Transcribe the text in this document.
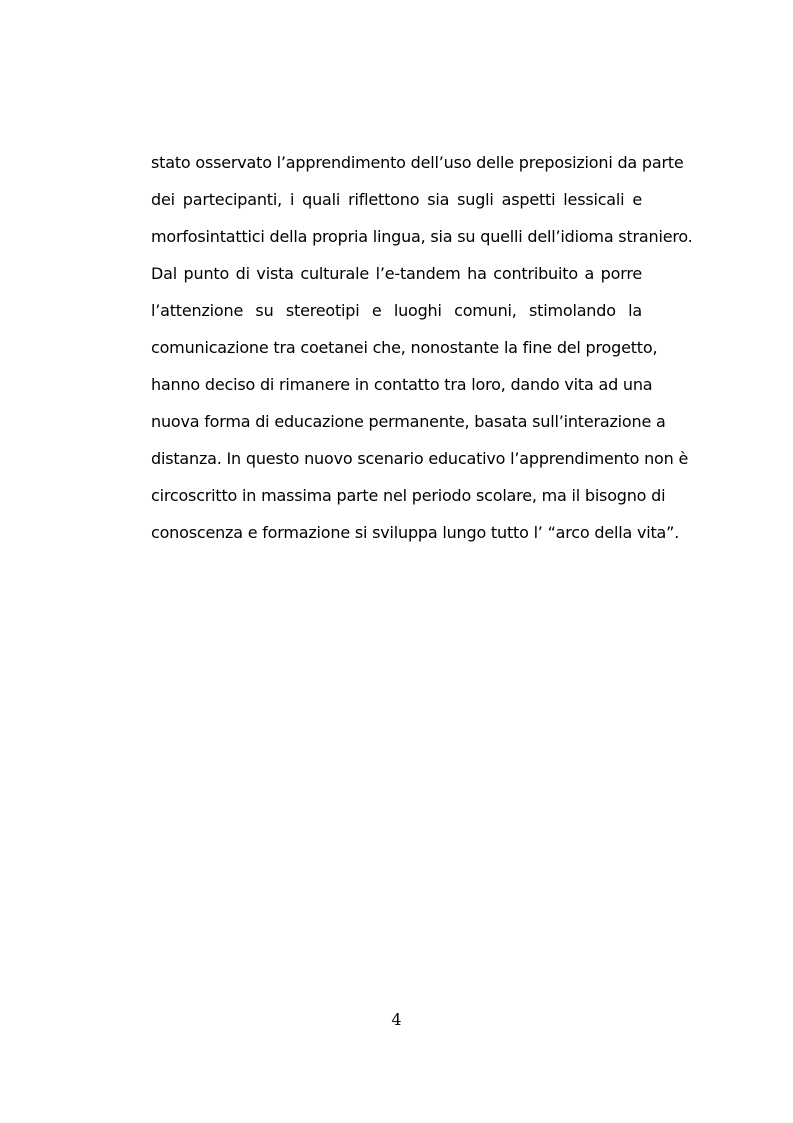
stato osservato l’apprendimento dell’uso delle preposizioni da parte
dei partecipanti, i quali riflettono sia sugli aspetti lessicali e
morfosintattici della propria lingua, sia su quelli dell’idioma straniero.
Dal punto di vista culturale l’e-tandem ha contribuito a porre
l’attenzione su stereotipi e luoghi comuni, stimolando la
comunicazione tra coetanei che, nonostante la fine del progetto,
hanno deciso di rimanere in contatto tra loro, dando vita ad una
nuova forma di educazione permanente, basata sull’interazione a
distanza. In questo nuovo scenario educativo l’apprendimento non è
circoscritto in massima parte nel periodo scolare, ma il bisogno di
conoscenza e formazione si sviluppa lungo tutto l’ “arco della vita”.
4
